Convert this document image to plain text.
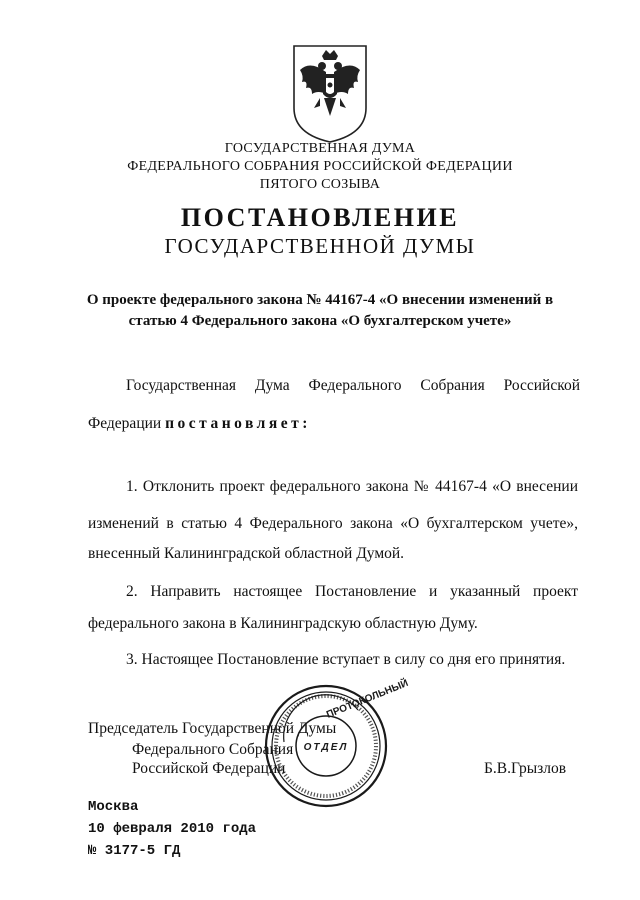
ГОСУДАРСТВЕННАЯ ДУМА
ФЕДЕРАЛЬНОГО СОБРАНИЯ РОССИЙСКОЙ ФЕДЕРАЦИИ
ПЯТОГО СОЗЫВА
ПОСТАНОВЛЕНИЕ
ГОСУДАРСТВЕННОЙ ДУМЫ
О проекте федерального закона № 44167-4 «О внесении изменений в
статью 4 Федерального закона «О бухгалтерском учете»
Государственная Дума Федерального Собрания Российской
Федерации постановляет:
1. Отклонить проект федерального закона № 44167-4 «О внесении
изменений в статью 4 Федерального закона «О бухгалтерском учете»,
внесенный Калининградской областной Думой.
2. Направить настоящее Постановление и указанный проект
федерального закона в Калининградскую областную Думу.
3. Настоящее Постановление вступает в силу со дня его принятия.
Председатель Государственной Думы
Федерального Собрания
Российской Федерации	Б.В.Грызлов
ПРОТОКОЛЬНЫЙ
ОТДЕЛ
Москва
10 февраля 2010 года
№ 3177-5 ГД
